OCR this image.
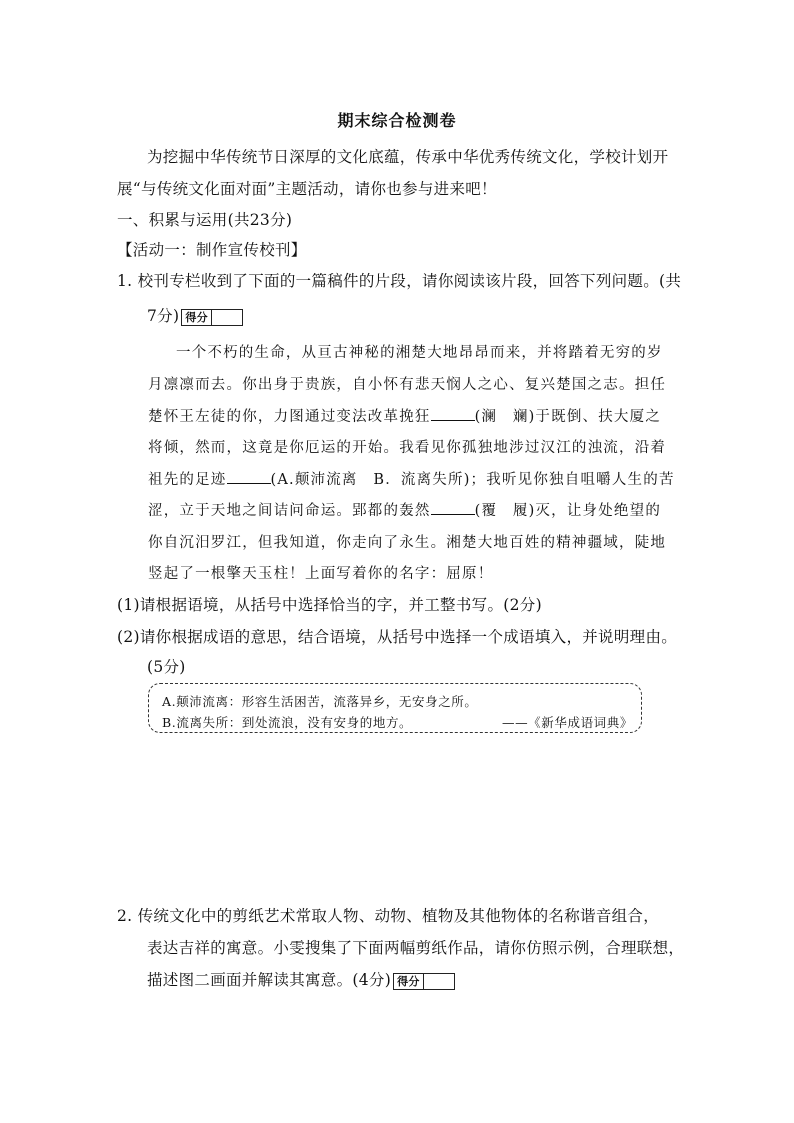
期末综合检测卷
为挖掘中华传统节日深厚的文化底蕴，传承中华优秀传统文化，学校计划开
展“与传统文化面对面”主题活动，请你也参与进来吧！
一、积累与运用(共23分)
【活动一：制作宣传校刊】
1. 校刊专栏收到了下面的一篇稿件的片段，请你阅读该片段，回答下列问题。(共
7分) 得分
一个不朽的生命，从亘古神秘的湘楚大地昂昂而来，并将踏着无穷的岁
月凛凛而去。你出身于贵族，自小怀有悲天悯人之心、复兴楚国之志。担任
楚怀王左徒的你，力图通过变法改革挽狂	(澜　斓)于既倒、扶大厦之
将倾，然而，这竟是你厄运的开始。我看见你孤独地涉过汉江的浊流，沿着
祖先的足迹	(A.颠沛流离　B．流离失所)；我听见你独自咀嚼人生的苦
涩，立于天地之间诘问命运。郢都的轰然	(覆　履)灭，让身处绝望的
你自沉汨罗江，但我知道，你走向了永生。湘楚大地百姓的精神疆域，陡地
竖起了一根擎天玉柱！上面写着你的名字：屈原！
(1)请根据语境，从括号中选择恰当的字，并工整书写。(2分)
(2)请你根据成语的意思，结合语境，从括号中选择一个成语填入，并说明理由。
(5分)
A.颠沛流离：形容生活困苦，流落异乡，无安身之所。
B.流离失所：到处流浪，没有安身的地方。	——《新华成语词典》
2. 传统文化中的剪纸艺术常取人物、动物、植物及其他物体的名称谐音组合，
表达吉祥的寓意。小雯搜集了下面两幅剪纸作品，请你仿照示例，合理联想，
描述图二画面并解读其寓意。(4分) 得分
